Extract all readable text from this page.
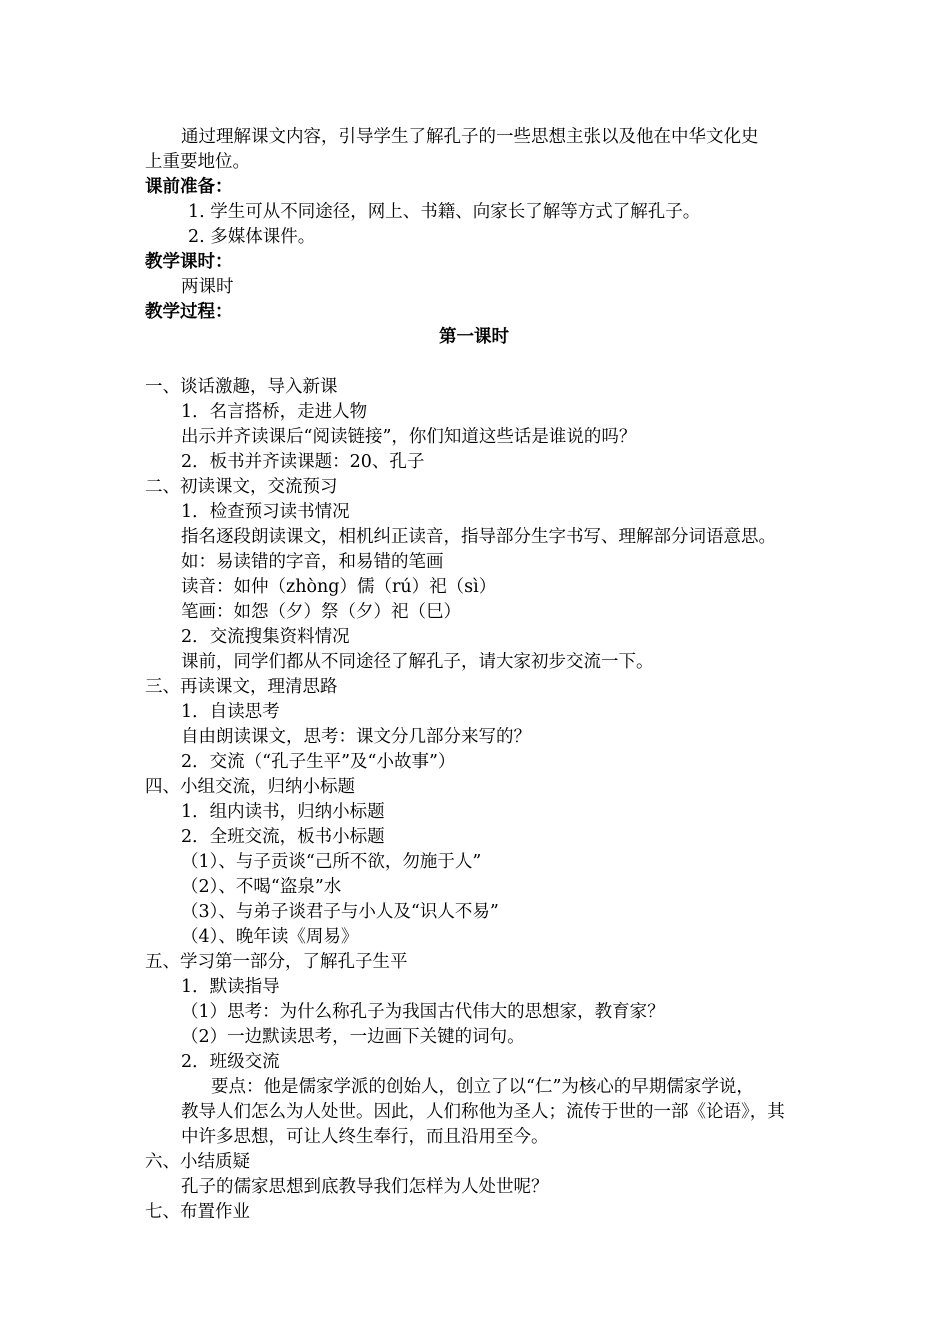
通过理解课文内容，引导学生了解孔子的一些思想主张以及他在中华文化史
上重要地位。
课前准备：
1. 学生可从不同途径，网上、书籍、向家长了解等方式了解孔子。
2. 多媒体课件。
教学课时：
两课时
教学过程：
第一课时
一、谈话激趣，导入新课
1．名言搭桥，走进人物
出示并齐读课后“阅读链接”，你们知道这些话是谁说的吗？
2．板书并齐读课题：20、孔子
二、初读课文，交流预习
1．检查预习读书情况
指名逐段朗读课文，相机纠正读音，指导部分生字书写、理解部分词语意思。
如：易读错的字音，和易错的笔画
读音：如仲（zhòng）儒（rú）祀（sì）
笔画：如怨（夕）祭（夕）祀（巳）
2．交流搜集资料情况
课前，同学们都从不同途径了解孔子，请大家初步交流一下。
三、再读课文，理清思路
1．自读思考
自由朗读课文，思考：课文分几部分来写的？
2．交流（“孔子生平”及“小故事”）
四、小组交流，归纳小标题
1．组内读书，归纳小标题
2．全班交流，板书小标题
（1）、与子贡谈“己所不欲，勿施于人”
（2）、不喝“盗泉”水
（3）、与弟子谈君子与小人及“识人不易”
（4）、晚年读《周易》
五、学习第一部分，了解孔子生平
1．默读指导
（1）思考：为什么称孔子为我国古代伟大的思想家，教育家？
（2）一边默读思考，一边画下关键的词句。
2．班级交流
要点：他是儒家学派的创始人，创立了以“仁”为核心的早期儒家学说，
教导人们怎么为人处世。因此，人们称他为圣人；流传于世的一部《论语》，其
中许多思想，可让人终生奉行，而且沿用至今。
六、小结质疑
孔子的儒家思想到底教导我们怎样为人处世呢？
七、布置作业
